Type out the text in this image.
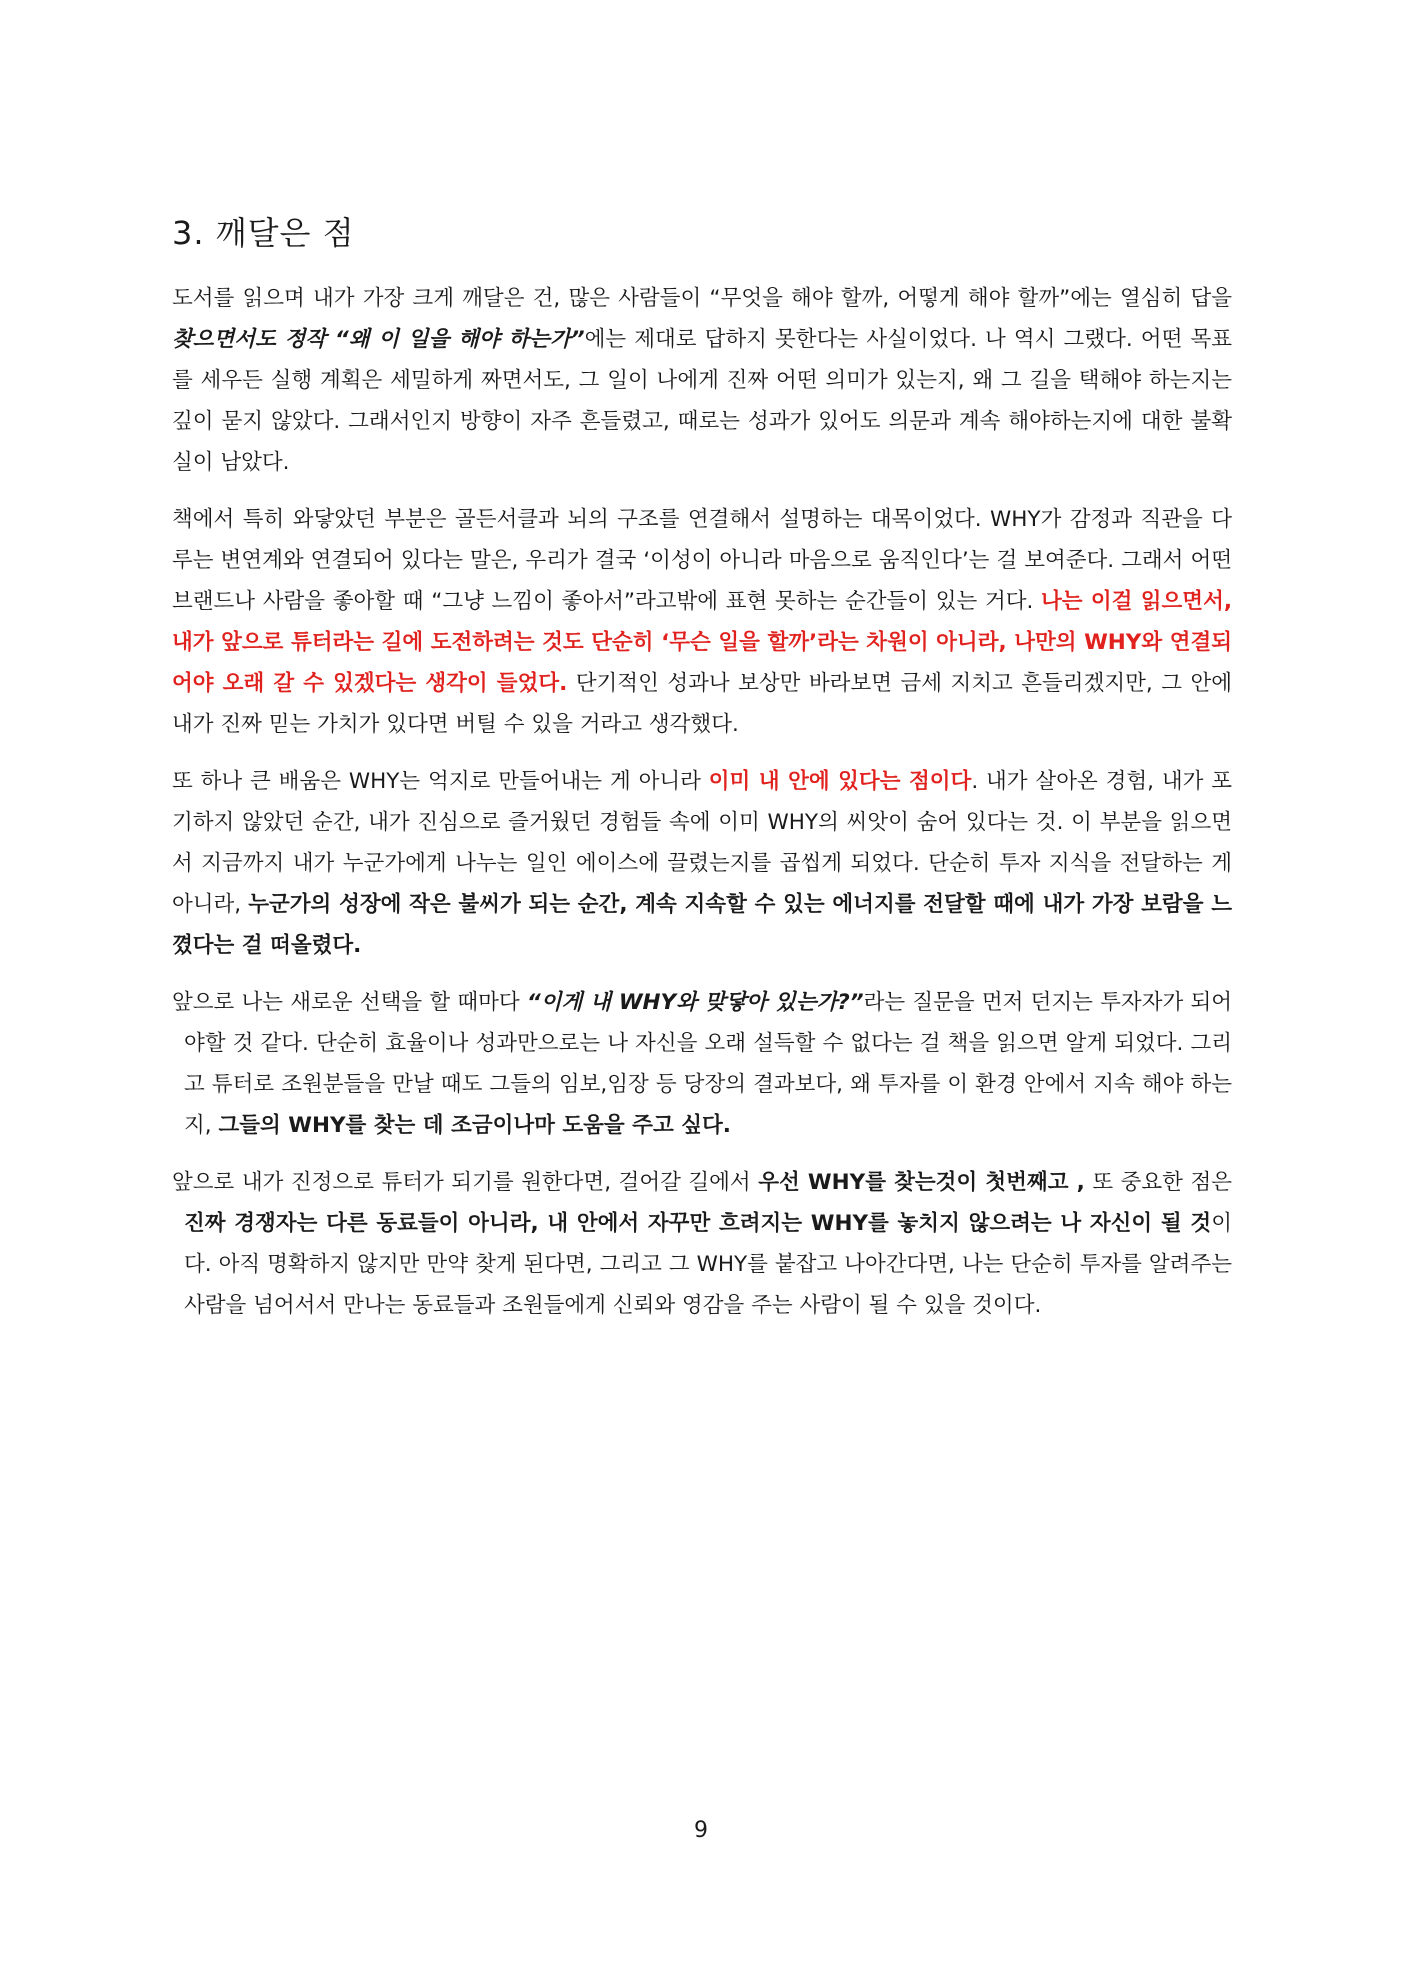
3. 깨달은 점

도서를 읽으며 내가 가장 크게 깨달은 건, 많은 사람들이 “무엇을 해야 할까, 어떻게 해야 할까”에는 열심히 답을 찾으면서도 정작 “왜 이 일을 해야 하는가”에는 제대로 답하지 못한다는 사실이었다. 나 역시 그랬다. 어떤 목표를 세우든 실행 계획은 세밀하게 짜면서도, 그 일이 나에게 진짜 어떤 의미가 있는지, 왜 그 길을 택해야 하는지는 깊이 묻지 않았다. 그래서인지 방향이 자주 흔들렸고, 때로는 성과가 있어도 의문과 계속 해야하는지에 대한 불확실이 남았다.

책에서 특히 와닿았던 부분은 골든서클과 뇌의 구조를 연결해서 설명하는 대목이었다. WHY가 감정과 직관을 다루는 변연계와 연결되어 있다는 말은, 우리가 결국 ‘이성이 아니라 마음으로 움직인다’는 걸 보여준다. 그래서 어떤 브랜드나 사람을 좋아할 때 “그냥 느낌이 좋아서”라고밖에 표현 못하는 순간들이 있는 거다. 나는 이걸 읽으면서, 내가 앞으로 튜터라는 길에 도전하려는 것도 단순히 ‘무슨 일을 할까’라는 차원이 아니라, 나만의 WHY와 연결되어야 오래 갈 수 있겠다는 생각이 들었다. 단기적인 성과나 보상만 바라보면 금세 지치고 흔들리겠지만, 그 안에 내가 진짜 믿는 가치가 있다면 버틸 수 있을 거라고 생각했다.

또 하나 큰 배움은 WHY는 억지로 만들어내는 게 아니라 이미 내 안에 있다는 점이다. 내가 살아온 경험, 내가 포기하지 않았던 순간, 내가 진심으로 즐거웠던 경험들 속에 이미 WHY의 씨앗이 숨어 있다는 것. 이 부분을 읽으면서 지금까지 내가 누군가에게 나누는 일인 에이스에 끌렸는지를 곱씹게 되었다. 단순히 투자 지식을 전달하는 게 아니라, 누군가의 성장에 작은 불씨가 되는 순간, 계속 지속할 수 있는 에너지를 전달할 때에 내가 가장 보람을 느꼈다는 걸 떠올렸다.

앞으로 나는 새로운 선택을 할 때마다 “이게 내 WHY와 맞닿아 있는가?”라는 질문을 먼저 던지는 투자자가 되어야할 것 같다. 단순히 효율이나 성과만으로는 나 자신을 오래 설득할 수 없다는 걸 책을 읽으면 알게 되었다. 그리고 튜터로 조원분들을 만날 때도 그들의 임보,임장 등 당장의 결과보다, 왜 투자를 이 환경 안에서 지속 해야 하는지, 그들의 WHY를 찾는 데 조금이나마 도움을 주고 싶다.

앞으로 내가 진정으로 튜터가 되기를 원한다면, 걸어갈 길에서 우선 WHY를 찾는것이 첫번째고 , 또 중요한 점은 진짜 경쟁자는 다른 동료들이 아니라, 내 안에서 자꾸만 흐려지는 WHY를 놓치지 않으려는 나 자신이 될 것이다. 아직 명확하지 않지만 만약 찾게 된다면, 그리고 그 WHY를 붙잡고 나아간다면, 나는 단순히 투자를 알려주는 사람을 넘어서서 만나는 동료들과 조원들에게 신뢰와 영감을 주는 사람이 될 수 있을 것이다.

9
